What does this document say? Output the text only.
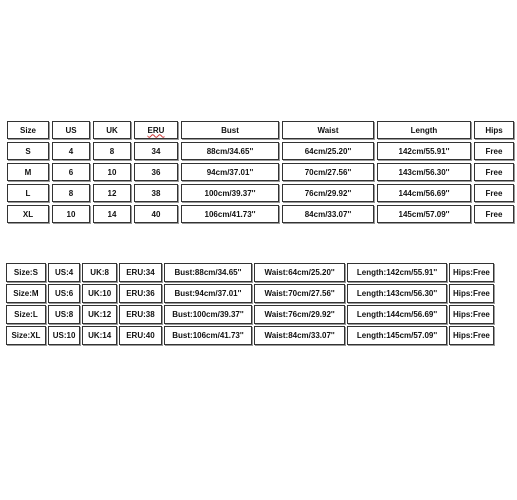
Size	US	UK	ERU	Bust	Waist	Length	Hips
S	4	8	34	88cm/34.65''	64cm/25.20''	142cm/55.91''	Free
M	6	10	36	94cm/37.01''	70cm/27.56''	143cm/56.30''	Free
L	8	12	38	100cm/39.37''	76cm/29.92''	144cm/56.69''	Free
XL	10	14	40	106cm/41.73''	84cm/33.07''	145cm/57.09''	Free
Size:S	US:4	UK:8	ERU:34	Bust:88cm/34.65''	Waist:64cm/25.20''	Length:142cm/55.91''	Hips:Free
Size:M	US:6	UK:10	ERU:36	Bust:94cm/37.01''	Waist:70cm/27.56''	Length:143cm/56.30''	Hips:Free
Size:L	US:8	UK:12	ERU:38	Bust:100cm/39.37''	Waist:76cm/29.92''	Length:144cm/56.69''	Hips:Free
Size:XL	US:10	UK:14	ERU:40	Bust:106cm/41.73''	Waist:84cm/33.07''	Length:145cm/57.09''	Hips:Free
